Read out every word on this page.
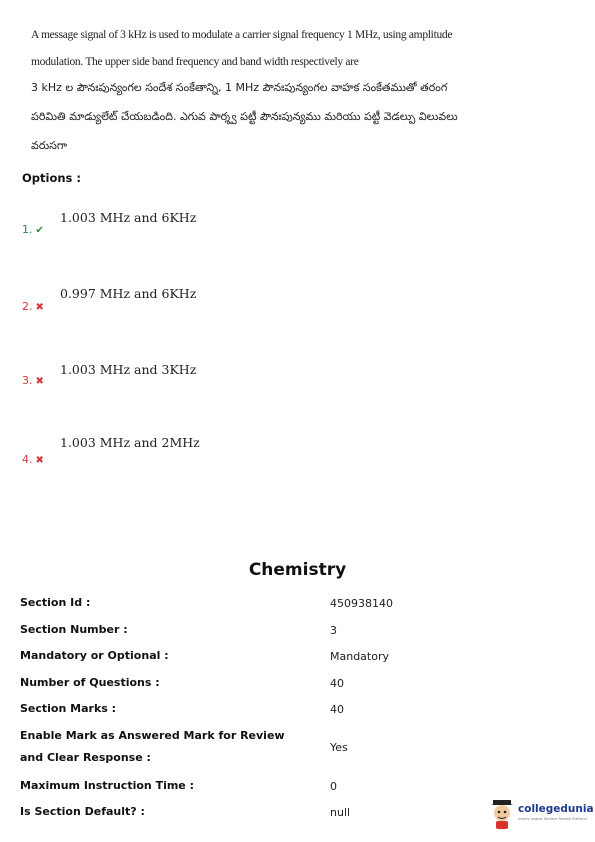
A message signal of 3 kHz is used to modulate a carrier signal frequency 1 MHz, using amplitude modulation. The upper side band frequency and band width respectively are
3 kHz ల పౌనఃపున్యంగల సందేశ సంకేతాన్ని, 1 MHz పౌనఃపున్యంగల వాహక సంకేతముతో తరంగ పరిమితి మాడ్యులేట్ చేయబడింది. ఎగువ పార్శ్వ పట్టీ పౌనఃపున్యము మరియు పట్టీ వెడల్పు విలువలు వరుసగా
Options :
1.003 MHz and 6KHz
1. ✔
0.997 MHz and 6KHz
2. ✖
1.003 MHz and 3KHz
3. ✖
1.003 MHz and 2MHz
4. ✖
Chemistry
Section Id :	450938140
Section Number :	3
Mandatory or Optional :	Mandatory
Number of Questions :	40
Section Marks :	40
Enable Mark as Answered Mark for Review and Clear Response :
Yes
Maximum Instruction Time :	0
Is Section Default? :	null	collegedunia
India's largest Student Review Platform
